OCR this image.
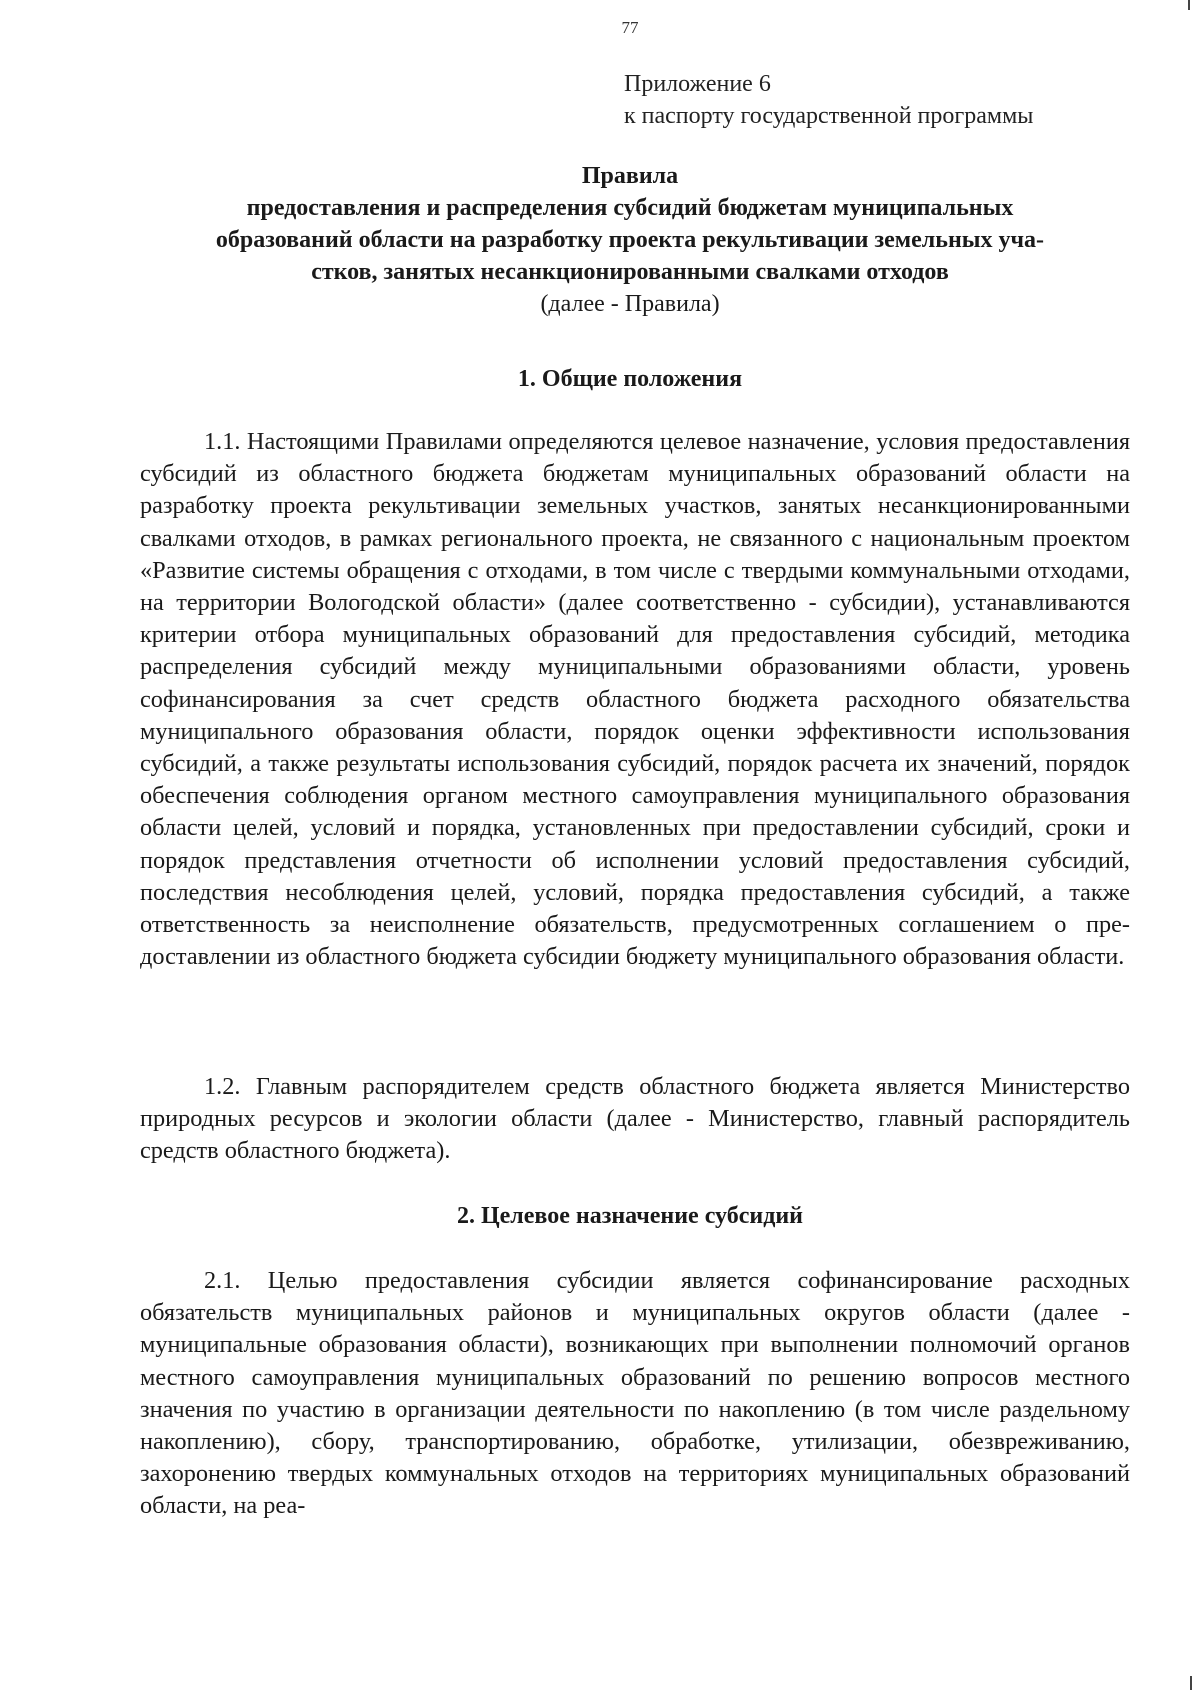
77
Приложение 6
к паспорту государственной программы
Правила
предоставления и распределения субсидий бюджетам муниципальных
образований области на разработку проекта рекультивации земельных уча-
стков, занятых несанкционированными свалками отходов
(далее - Правила)
1. Общие положения

1.1. Настоящими Правилами определяются целевое назначение, условия предоставления субсидий из областного бюджета бюджетам муниципальных образований области на разработку проекта рекультивации земельных участков, занятых несанкционированными свалками отходов, в рамках регионального проекта, не связанного с национальным проектом «Развитие системы обращения с отходами, в том числе с твердыми коммунальными отходами, на территории Вологодской области» (далее соответственно - субсидии), устанавливаются критерии отбора муниципальных образований для предоставления субсидий, методика распределения субсидий между муниципальными образованиями области, уровень софинансирования за счет средств областного бюджета расходного обязательства муниципального образования области, порядок оценки эффективности использования субсидий, а также результаты использования субсидий, порядок расчета их значений, порядок обеспечения соблюдения органом местного самоуправления муниципального образования области целей, условий и порядка, установленных при предоставлении субсидий, сроки и порядок представления отчетности об исполнении условий предоставления субсидий, последствия несоблюдения целей, условий, порядка предоставления субсидий, а также ответственность за неисполнение обязательств, предусмотренных соглашением о предоставлении из областного бюджета субсидии бюджету муниципального образования области.

1.2. Главным распорядителем средств областного бюджета является Министерство природных ресурсов и экологии области (далее - Министерство, главный распорядитель средств областного бюджета).

2. Целевое назначение субсидий

2.1. Целью предоставления субсидии является софинансирование расходных обязательств муниципальных районов и муниципальных округов области (далее - муниципальные образования области), возникающих при выполнении полномочий органов местного самоуправления муниципальных образований по решению вопросов местного значения по участию в организации деятельности по накоплению (в том числе раздельному накоплению), сбору, транспортированию, обработке, утилизации, обезвреживанию, захоронению твердых коммунальных отходов на территориях муниципальных образований области, на реа-
